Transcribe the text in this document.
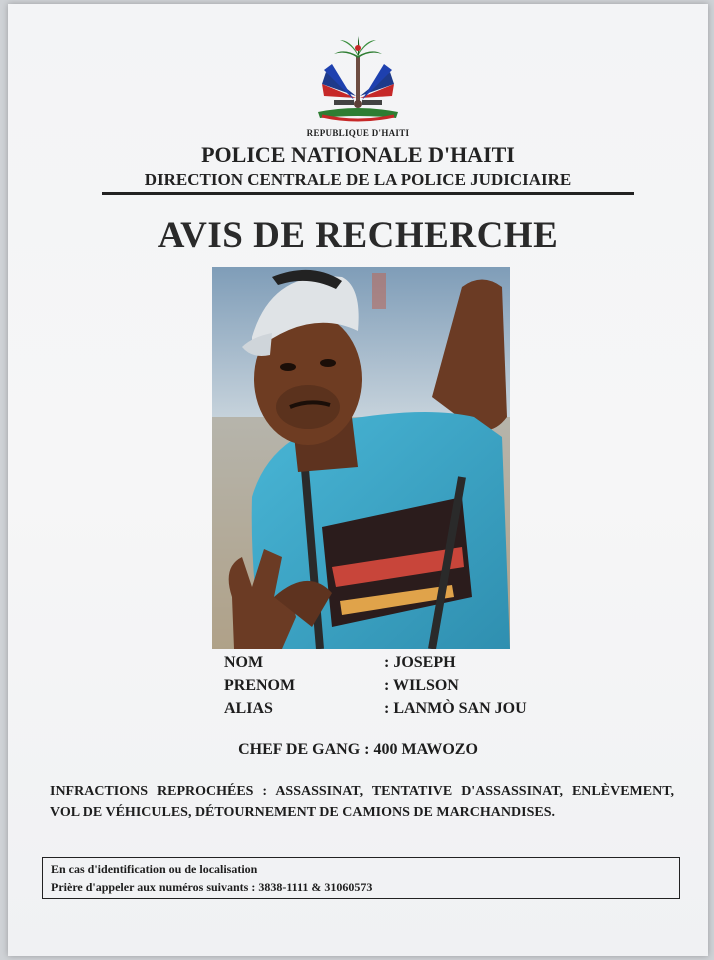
REPUBLIQUE D'HAITI
POLICE NATIONALE D'HAITI
DIRECTION CENTRALE DE LA POLICE JUDICIAIRE
AVIS DE RECHERCHE
NOM	: JOSEPH
PRENOM	: WILSON
ALIAS	: LANMÒ SAN JOU
CHEF DE GANG : 400 MAWOZO
INFRACTIONS REPROCHÉES : ASSASSINAT, TENTATIVE D'ASSASSINAT, ENLÈVEMENT, VOL DE VÉHICULES, DÉTOURNEMENT DE CAMIONS DE MARCHANDISES.
En cas d'identification ou de localisation
Prière d'appeler aux numéros suivants : 3838-1111 & 31060573
